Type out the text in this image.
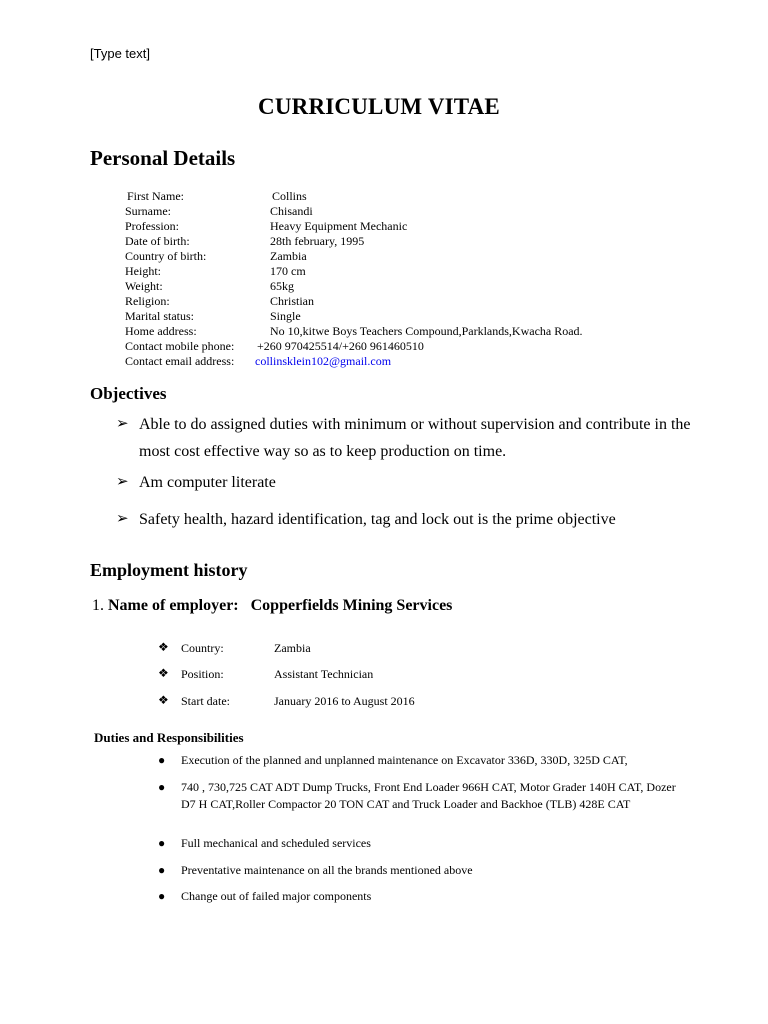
[Type text]
CURRICULUM VITAE
Personal Details
First Name:	Collins
Surname:	Chisandi
Profession:	Heavy Equipment Mechanic
Date of birth:	28th february, 1995
Country of birth:	Zambia
Height:	170 cm
Weight:	65kg
Religion:	Christian
Marital status:	Single
Home address:	No 10,kitwe Boys Teachers Compound,Parklands,Kwacha Road.
Contact mobile phone: +260 970425514/+260 961460510
Contact email address: collinsklein102@gmail.com
Objectives
➢ Able to do assigned duties with minimum or without supervision and contribute in the most cost effective way so as to keep production on time.
➢ Am computer literate
➢ Safety health, hazard identification, tag and lock out is the prime objective
Employment history
1. Name of employer: Copperfields Mining Services
❖ Country:	Zambia
❖ Position:	Assistant Technician
❖ Start date:	January 2016 to August 2016
Duties and Responsibilities
● Execution of the planned and unplanned maintenance on Excavator 336D, 330D, 325D CAT,
● 740 , 730,725 CAT ADT Dump Trucks, Front End Loader 966H CAT, Motor Grader 140H CAT, Dozer D7 H CAT,Roller Compactor 20 TON CAT and Truck Loader and Backhoe (TLB) 428E CAT
● Full mechanical and scheduled services
● Preventative maintenance on all the brands mentioned above
● Change out of failed major components
